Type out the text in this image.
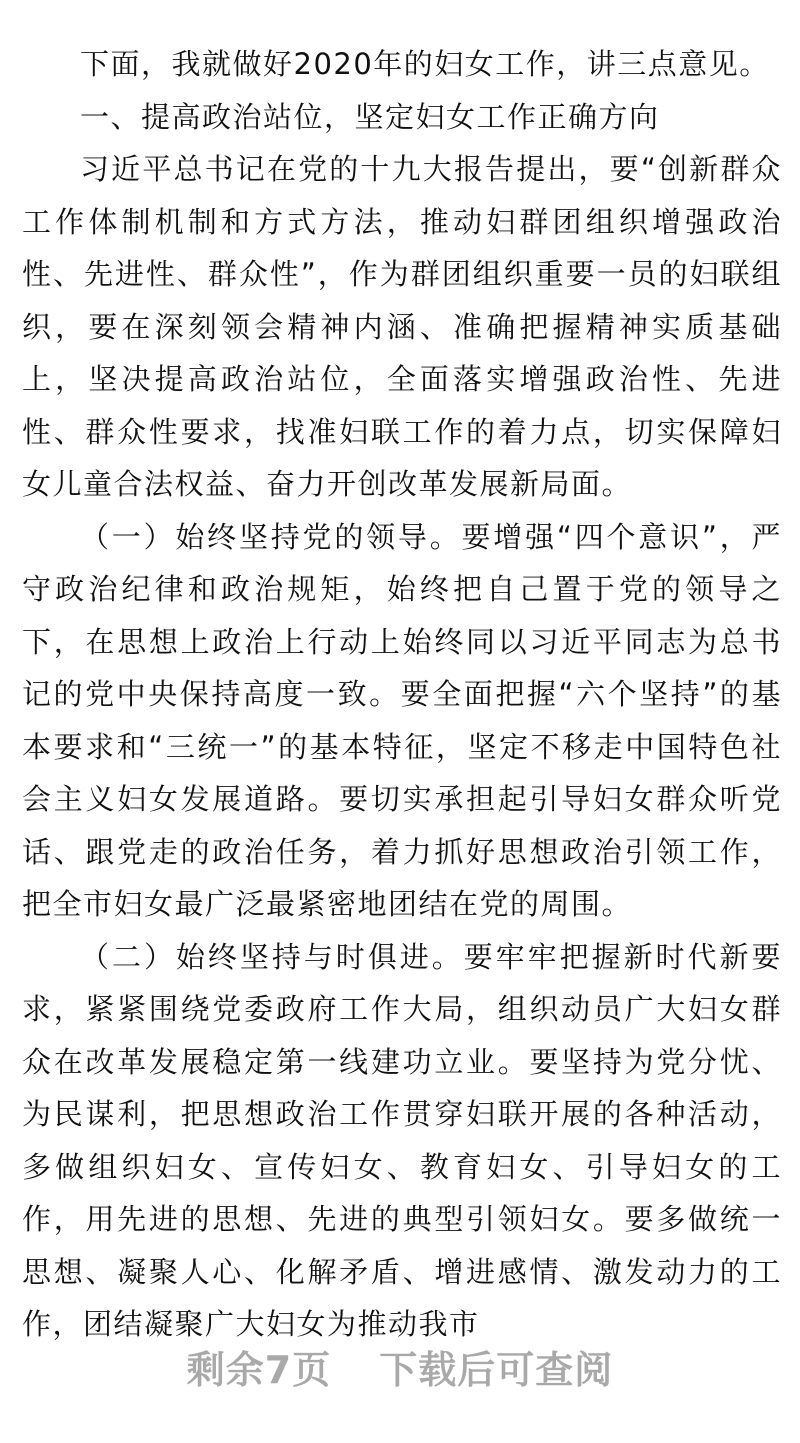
下面，我就做好2020年的妇女工作，讲三点意见。

一、提高政治站位，坚定妇女工作正确方向

习近平总书记在党的十九大报告提出，要“创新群众工作体制机制和方式方法，推动妇群团组织增强政治性、先进性、群众性”，作为群团组织重要一员的妇联组织，要在深刻领会精神内涵、准确把握精神实质基础上，坚决提高政治站位，全面落实增强政治性、先进性、群众性要求，找准妇联工作的着力点，切实保障妇女儿童合法权益、奋力开创改革发展新局面。

（一）始终坚持党的领导。要增强“四个意识”，严守政治纪律和政治规矩，始终把自己置于党的领导之下，在思想上政治上行动上始终同以习近平同志为总书记的党中央保持高度一致。要全面把握“六个坚持”的基本要求和“三统一”的基本特征，坚定不移走中国特色社会主义妇女发展道路。要切实承担起引导妇女群众听党话、跟党走的政治任务，着力抓好思想政治引领工作，把全市妇女最广泛最紧密地团结在党的周围。

（二）始终坚持与时俱进。要牢牢把握新时代新要求，紧紧围绕党委政府工作大局，组织动员广大妇女群众在改革发展稳定第一线建功立业。要坚持为党分忧、为民谋利，把思想政治工作贯穿妇联开展的各种活动，多做组织妇女、宣传妇女、教育妇女、引导妇女的工作，用先进的思想、先进的典型引领妇女。要多做统一思想、凝聚人心、化解矛盾、增进感情、激发动力的工作，团结凝聚广大妇女为推动我市

剩余7页 下载后可查阅
